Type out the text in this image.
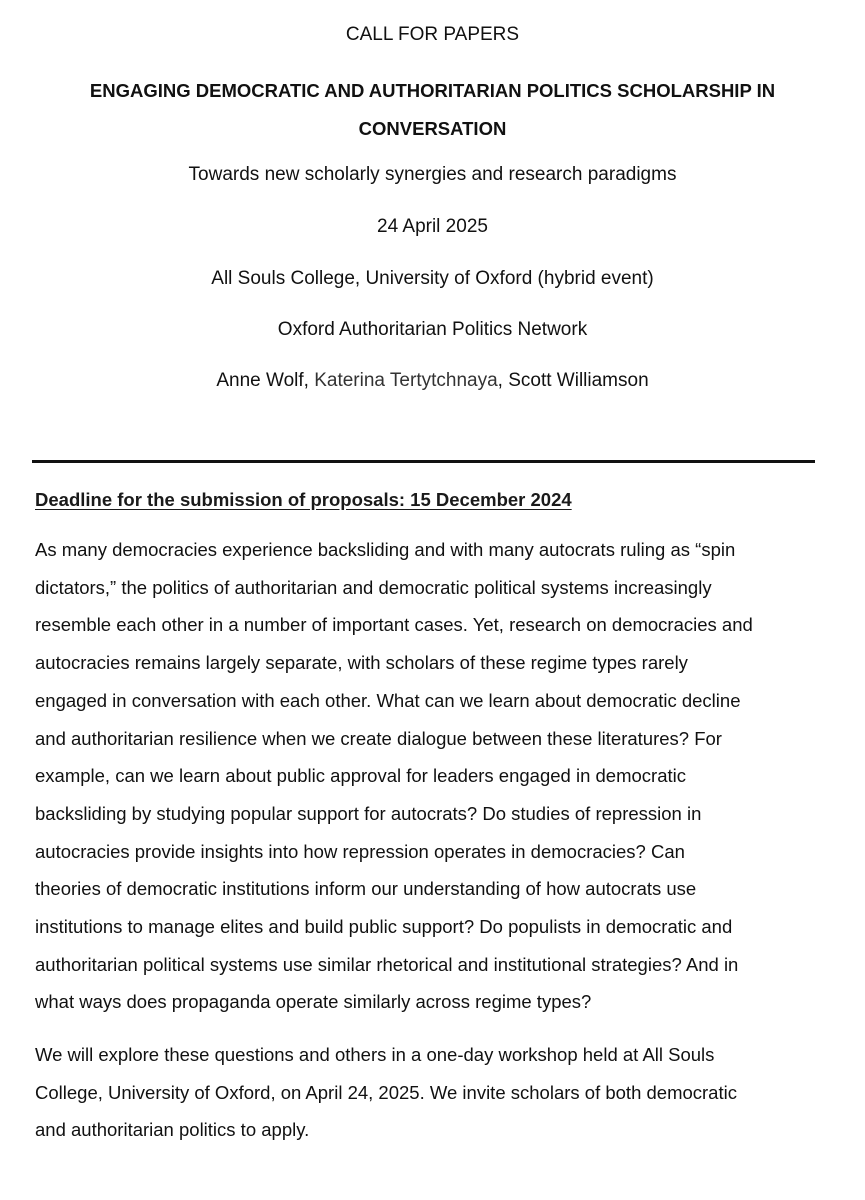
CALL FOR PAPERS
ENGAGING DEMOCRATIC AND AUTHORITARIAN POLITICS SCHOLARSHIP IN CONVERSATION
Towards new scholarly synergies and research paradigms
24 April 2025
All Souls College, University of Oxford (hybrid event)
Oxford Authoritarian Politics Network
Anne Wolf, Katerina Tertytchnaya, Scott Williamson
Deadline for the submission of proposals: 15 December 2024

As many democracies experience backsliding and with many autocrats ruling as “spin
dictators,” the politics of authoritarian and democratic political systems increasingly
resemble each other in a number of important cases. Yet, research on democracies and
autocracies remains largely separate, with scholars of these regime types rarely
engaged in conversation with each other. What can we learn about democratic decline
and authoritarian resilience when we create dialogue between these literatures? For
example, can we learn about public approval for leaders engaged in democratic
backsliding by studying popular support for autocrats? Do studies of repression in
autocracies provide insights into how repression operates in democracies? Can
theories of democratic institutions inform our understanding of how autocrats use
institutions to manage elites and build public support? Do populists in democratic and
authoritarian political systems use similar rhetorical and institutional strategies? And in
what ways does propaganda operate similarly across regime types?

We will explore these questions and others in a one-day workshop held at All Souls
College, University of Oxford, on April 24, 2025. We invite scholars of both democratic
and authoritarian politics to apply.
